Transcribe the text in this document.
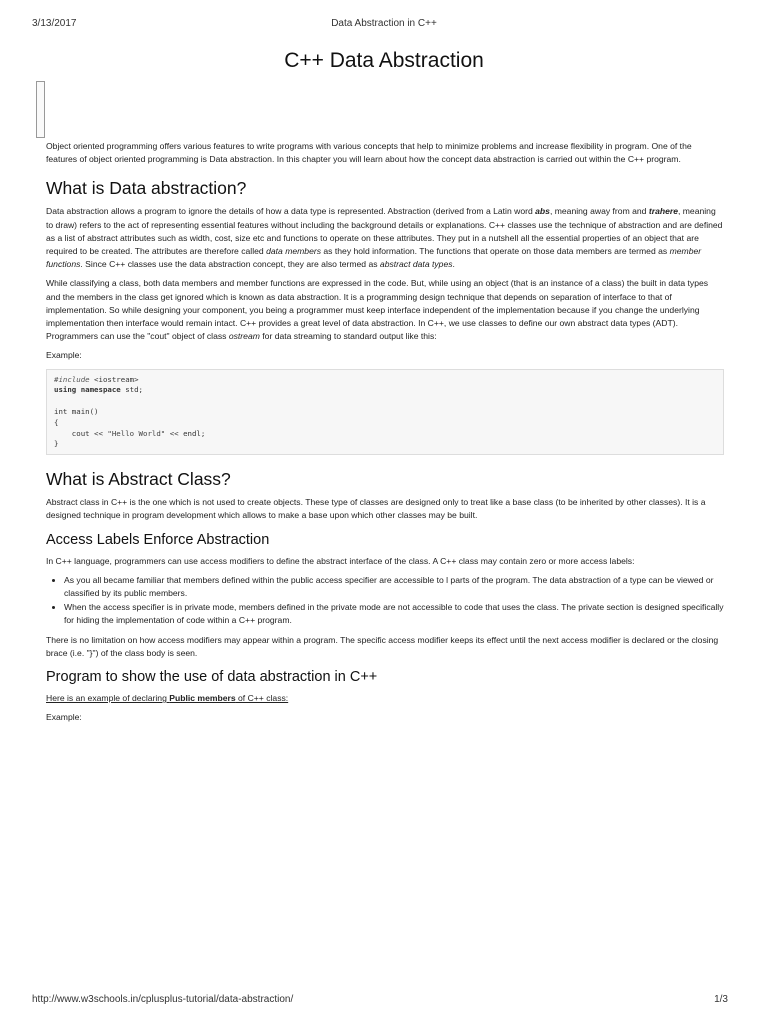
3/13/2017	Data Abstraction in C++
C++ Data Abstraction

Object oriented programming offers various features to write programs with various concepts that help to minimize problems and increase flexibility in program. One of the features of object oriented programming is Data abstraction. In this chapter you will learn about how the concept data abstraction is carried out within the C++ program.

What is Data abstraction?

Data abstraction allows a program to ignore the details of how a data type is represented. Abstraction (derived from a Latin word abs, meaning away from and trahere, meaning to draw) refers to the act of representing essential features without including the background details or explanations. C++ classes use the technique of abstraction and are defined as a list of abstract attributes such as width, cost, size etc and functions to operate on these attributes. They put in a nutshell all the essential properties of an object that are required to be created. The attributes are therefore called data members as they hold information. The functions that operate on those data members are termed as member functions. Since C++ classes use the data abstraction concept, they are also termed as abstract data types.

While classifying a class, both data members and member functions are expressed in the code. But, while using an object (that is an instance of a class) the built in data types and the members in the class get ignored which is known as data abstraction. It is a programming design technique that depends on separation of interface to that of implementation. So while designing your component, you being a programmer must keep interface independent of the implementation because if you change the underlying implementation then interface would remain intact. C++ provides a great level of data abstraction. In C++, we use classes to define our own abstract data types (ADT). Programmers can use the "cout" object of class ostream for data streaming to standard output like this:

Example:

#include <iostream>
using namespace std;

int main()
{
cout << "Hello World" << endl;
}
What is Abstract Class?

Abstract class in C++ is the one which is not used to create objects. These type of classes are designed only to treat like a base class (to be inherited by other classes). It is a designed technique in program development which allows to make a base upon which other classes may be built.

Access Labels Enforce Abstraction

In C++ language, programmers can use access modifiers to define the abstract interface of the class. A C++ class may contain zero or more access labels:

• As you all became familiar that members defined within the public access specifier are accessible to l parts of the program. The data abstraction of a type can be viewed or classified by its public members.
• When the access specifier is in private mode, members defined in the private mode are not accessible to code that uses the class. The private section is designed specifically for hiding the implementation of code within a C++ program.

There is no limitation on how access modifiers may appear within a program. The specific access modifier keeps its effect until the next access modifier is declared or the closing brace (i.e. "}") of the class body is seen.

Program to show the use of data abstraction in C++

Here is an example of declaring Public members of C++ class:

Example:

http://www.w3schools.in/cplusplus-tutorial/data-abstraction/	1/3
